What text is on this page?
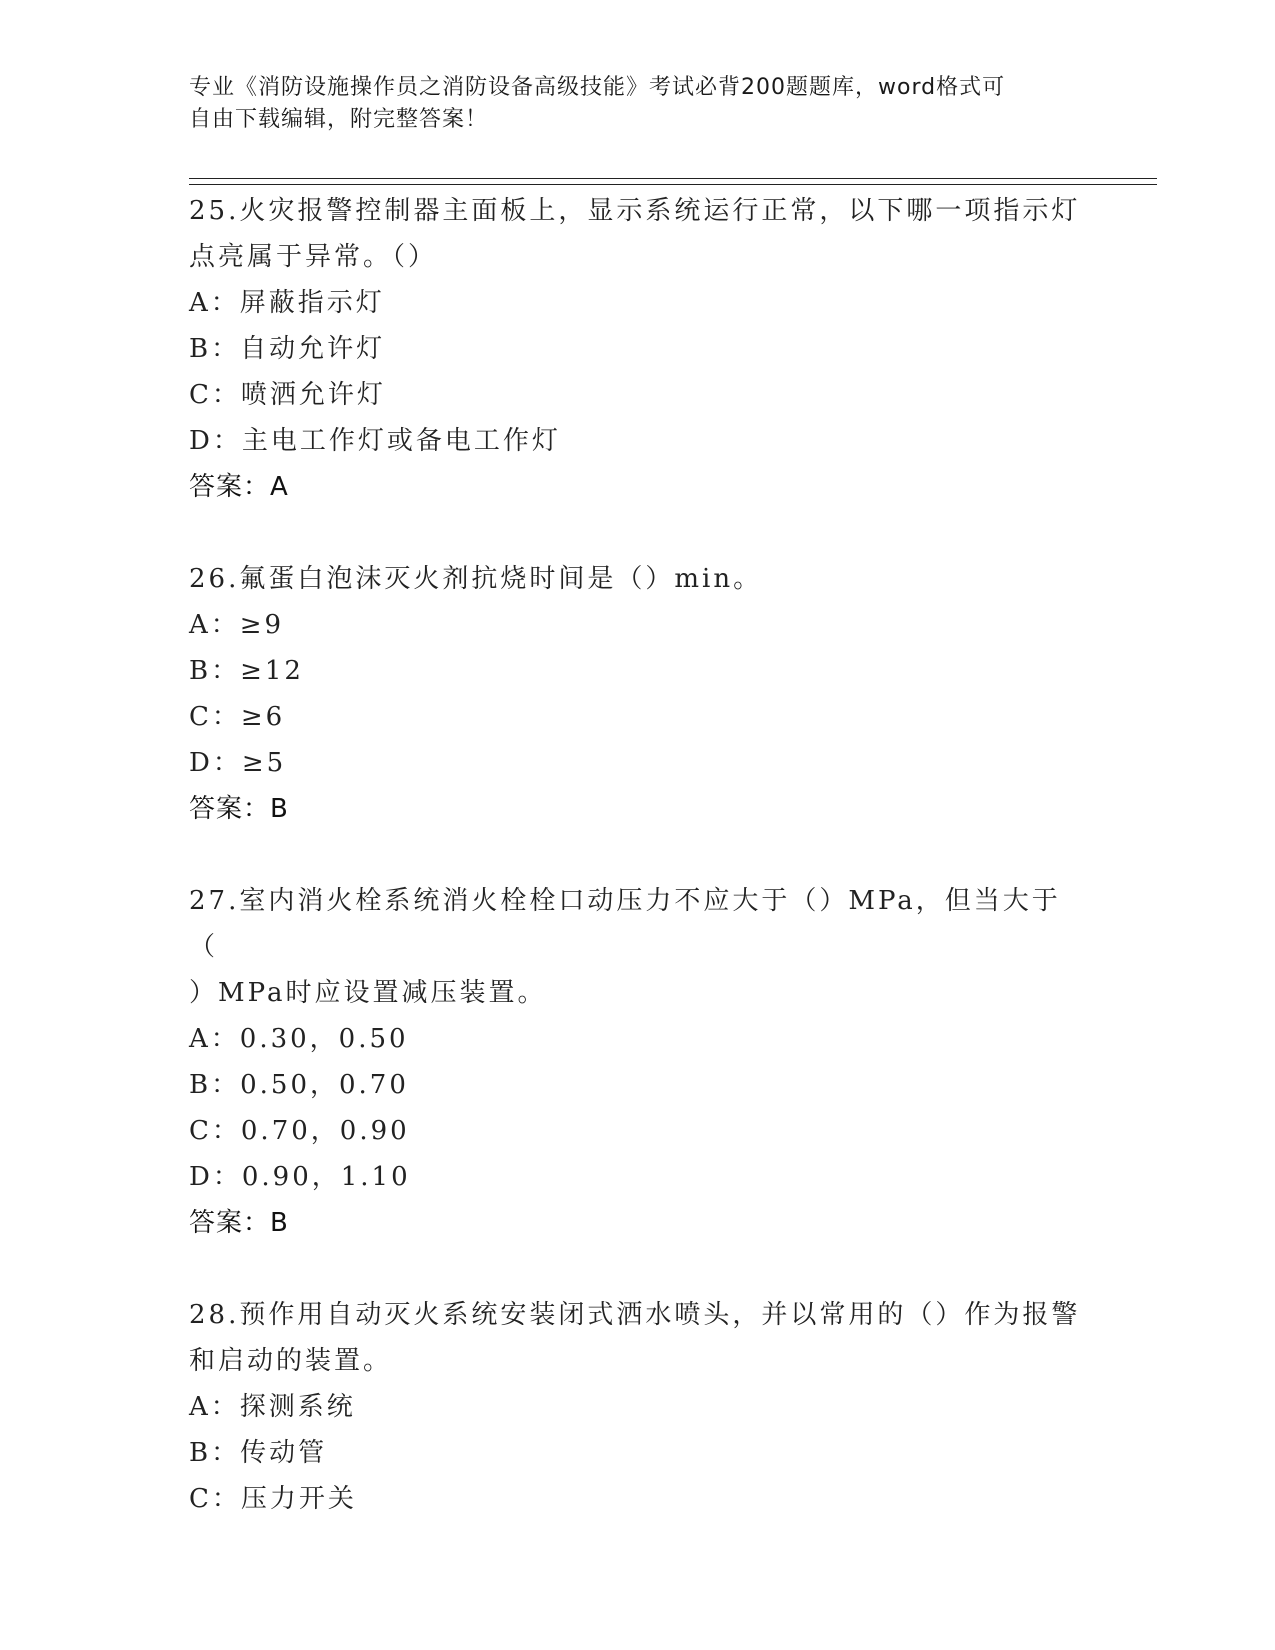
专业《消防设施操作员之消防设备高级技能》考试必背200题题库，word格式可
自由下载编辑，附完整答案！
25.火灾报警控制器主面板上，显示系统运行正常，以下哪一项指示灯
点亮属于异常。（）
A：屏蔽指示灯
B：自动允许灯
C：喷洒允许灯
D：主电工作灯或备电工作灯
答案：A
26.氟蛋白泡沫灭火剂抗烧时间是（）min。
A：≥9
B：≥12
C：≥6
D：≥5
答案：B
27.室内消火栓系统消火栓栓口动压力不应大于（）MPa，但当大于（
）MPa时应设置减压装置。
A：0.30，0.50
B：0.50，0.70
C：0.70，0.90
D：0.90，1.10
答案：B
28.预作用自动灭火系统安装闭式洒水喷头，并以常用的（）作为报警
和启动的装置。
A：探测系统
B：传动管
C：压力开关
